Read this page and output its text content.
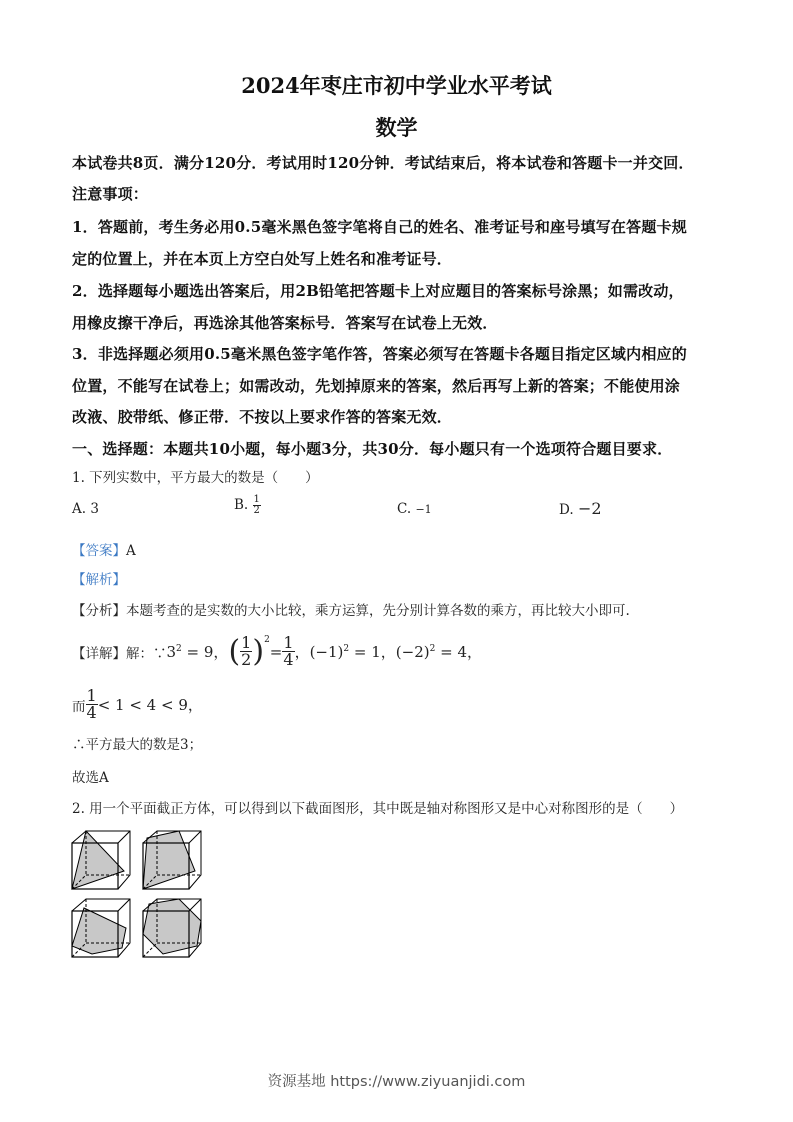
2024年枣庄市初中学业水平考试
数学
本试卷共8页．满分120分．考试用时120分钟．考试结束后，将本试卷和答题卡一并交回．
注意事项：
1．答题前，考生务必用0.5毫米黑色签字笔将自己的姓名、准考证号和座号填写在答题卡规
定的位置上，并在本页上方空白处写上姓名和准考证号．
2．选择题每小题选出答案后，用2B铅笔把答题卡上对应题目的答案标号涂黑；如需改动，
用橡皮擦干净后，再选涂其他答案标号．答案写在试卷上无效．
3．非选择题必须用0.5毫米黑色签字笔作答，答案必须写在答题卡各题目指定区域内相应的
位置，不能写在试卷上；如需改动，先划掉原来的答案，然后再写上新的答案；不能使用涂
改液、胶带纸、修正带．不按以上要求作答的答案无效．
一、选择题：本题共10小题，每小题3分，共30分．每小题只有一个选项符合题目要求．
1. 下列实数中，平方最大的数是（　　）
A. 3	B. $\frac{1}{2}$	C. −1	D. −2
【答案】A
【解析】
【分析】本题考查的是实数的大小比较，乘方运算，先分别计算各数的乘方，再比较大小即可.
【详解】 解：∵ $3^2 = 9$， ( $\frac{1}{2}$ ) 2
= $\frac{1}{4}$ ， $(-1)^2 = 1$， $(-2)^2 = 4$，
而 $\frac{1}{4} < 1 < 4 < 9$，
∴平方最大的数是3；
故选A
2. 用一个平面截正方体，可以得到以下截面图形，其中既是轴对称图形又是中心对称图形的是（　　）
资源基地 https://www.ziyuanjidi.com
